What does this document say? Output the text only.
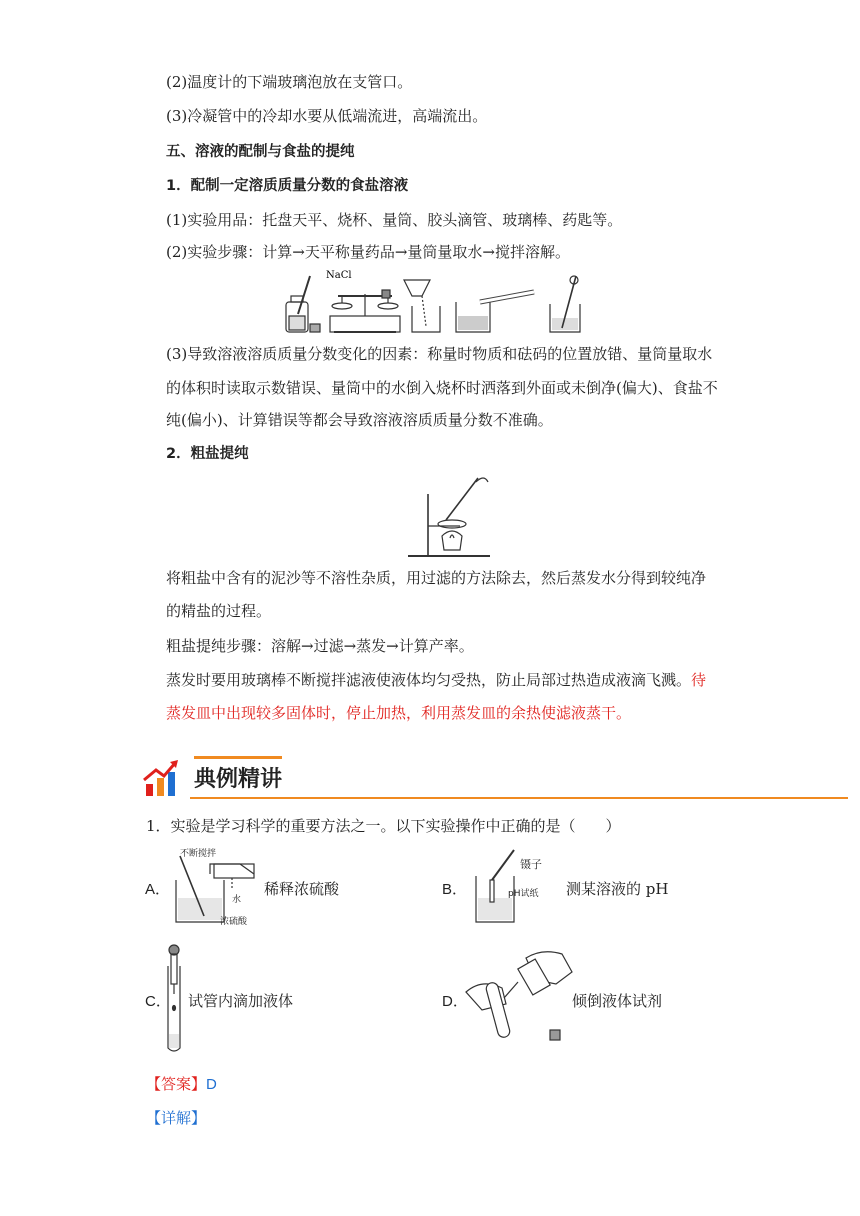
(2)温度计的下端玻璃泡放在支管口。
(3)冷凝管中的冷却水要从低端流进，高端流出。
五、溶液的配制与食盐的提纯
1．配制一定溶质质量分数的食盐溶液
(1)实验用品：托盘天平、烧杯、量筒、胶头滴管、玻璃棒、药匙等。
(2)实验步骤：计算→天平称量药品→量筒量取水→搅拌溶解。
NaCl
(3)导致溶液溶质质量分数变化的因素：称量时物质和砝码的位置放错、量筒量取水
的体积时读取示数错误、量筒中的水倒入烧杯时洒落到外面或未倒净(偏大)、食盐不
纯(偏小)、计算错误等都会导致溶液溶质质量分数不准确。
2．粗盐提纯
将粗盐中含有的泥沙等不溶性杂质，用过滤的方法除去，然后蒸发水分得到较纯净
的精盐的过程。
粗盐提纯步骤：溶解→过滤→蒸发→计算产率。
蒸发时要用玻璃棒不断搅拌滤液使液体均匀受热，防止局部过热造成液滴飞溅。待
蒸发皿中出现较多固体时，停止加热，利用蒸发皿的余热使滤液蒸干。
典例精讲
1．实验是学习科学的重要方法之一。以下实验操作中正确的是（　　）
A．
不断搅拌
水
浓硫酸
稀释浓硫酸	B．
镊子
pH试纸 测某溶液的 pH
C． 试管内滴加液体	D．	倾倒液体试剂
【答案】D
【详解】
